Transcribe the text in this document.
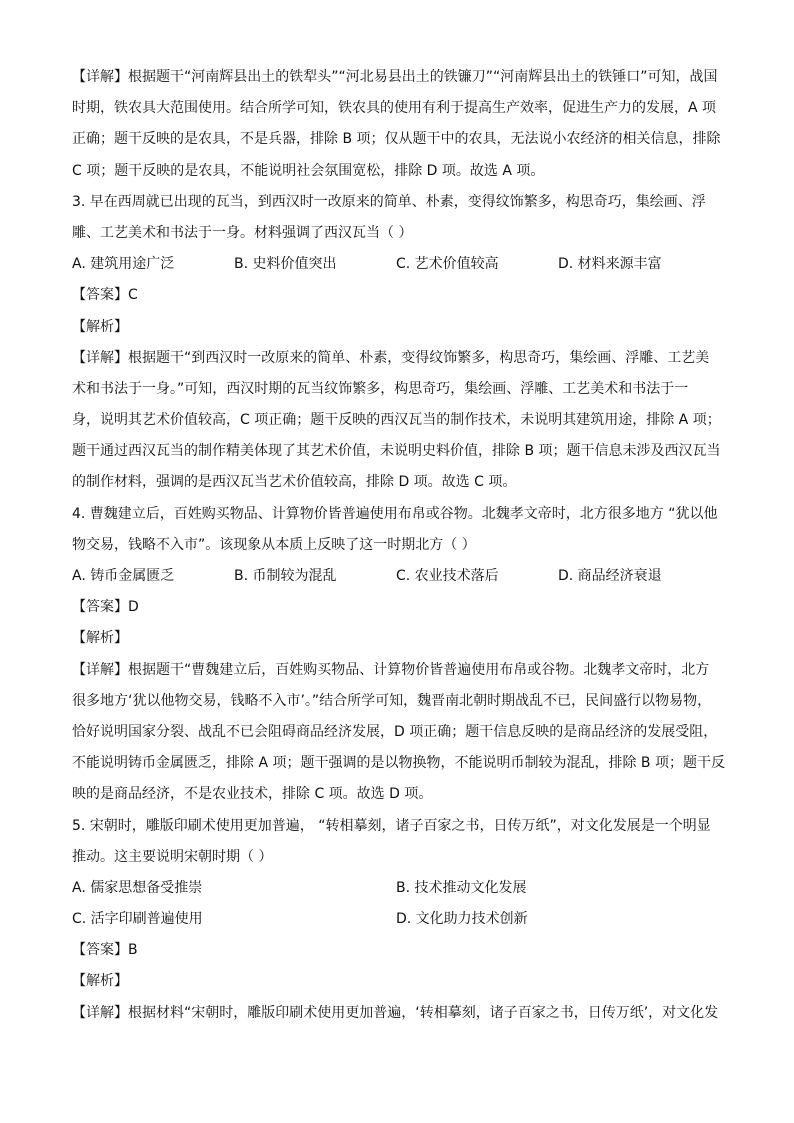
【详解】根据题干“河南辉县出土的铁犁头”“河北易县出土的铁镰刀”“河南辉县出土的铁锤口”可知，战国
时期，铁农具大范围使用。结合所学可知，铁农具的使用有利于提高生产效率，促进生产力的发展，A 项
正确；题干反映的是农具，不是兵器，排除 B 项；仅从题干中的农具，无法说小农经济的相关信息，排除
C 项；题干反映的是农具，不能说明社会氛围宽松，排除 D 项。故选 A 项。
3. 早在西周就已出现的瓦当，到西汉时一改原来的简单、朴素，变得纹饰繁多，构思奇巧，集绘画、浮
雕、工艺美术和书法于一身。材料强调了西汉瓦当（ ）
A. 建筑用途广泛	B. 史料价值突出	C. 艺术价值较高	D. 材料来源丰富
【答案】C
【解析】
【详解】根据题干“到西汉时一改原来的简单、朴素，变得纹饰繁多，构思奇巧，集绘画、浮雕、工艺美
术和书法于一身。”可知，西汉时期的瓦当纹饰繁多，构思奇巧，集绘画、浮雕、工艺美术和书法于一
身，说明其艺术价值较高，C 项正确；题干反映的西汉瓦当的制作技术，未说明其建筑用途，排除 A 项；
题干通过西汉瓦当的制作精美体现了其艺术价值，未说明史料价值，排除 B 项；题干信息未涉及西汉瓦当
的制作材料，强调的是西汉瓦当艺术价值较高，排除 D 项。故选 C 项。
4. 曹魏建立后，百姓购买物品、计算物价皆普遍使用布帛或谷物。北魏孝文帝时，北方很多地方 “犹以他
物交易，钱略不入市”。该现象从本质上反映了这一时期北方（ ）
A. 铸币金属匮乏	B. 币制较为混乱	C. 农业技术落后	D. 商品经济衰退
【答案】D
【解析】
【详解】根据题干“曹魏建立后，百姓购买物品、计算物价皆普遍使用布帛或谷物。北魏孝文帝时，北方
很多地方‘犹以他物交易，钱略不入市’。”结合所学可知，魏晋南北朝时期战乱不已，民间盛行以物易物，
恰好说明国家分裂、战乱不已会阻碍商品经济发展，D 项正确；题干信息反映的是商品经济的发展受阻，
不能说明铸币金属匮乏，排除 A 项；题干强调的是以物换物，不能说明币制较为混乱，排除 B 项；题干反
映的是商品经济，不是农业技术，排除 C 项。故选 D 项。
5. 宋朝时，雕版印刷术使用更加普遍， “转相摹刻，诸子百家之书，日传万纸”，对文化发展是一个明显
推动。这主要说明宋朝时期（ ）
A. 儒家思想备受推崇	B. 技术推动文化发展
C. 活字印刷普遍使用	D. 文化助力技术创新
【答案】B
【解析】
【详解】根据材料“宋朝时，雕版印刷术使用更加普遍，‘转相摹刻，诸子百家之书，日传万纸’，对文化发
